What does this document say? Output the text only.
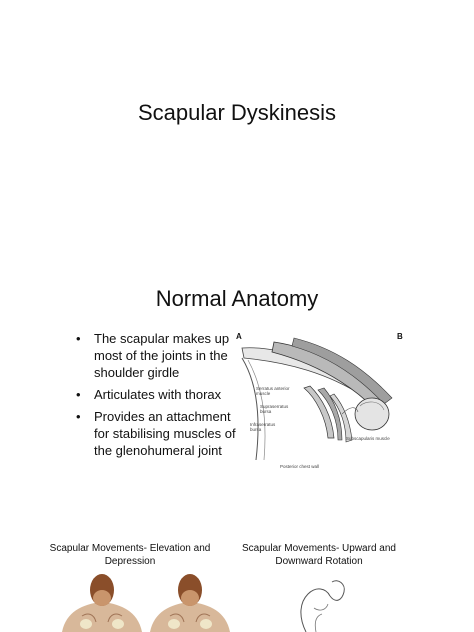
Scapular Dyskinesis
Normal Anatomy
• The scapular makes up most of the joints in the shoulder girdle
• Articulates with thorax
• Provides an attachment for stabilising muscles of the glenohumeral joint
A	B
Serratus anterior muscle
Supraserratus bursa
Infraserratus bursa
Subscapularis muscle
Posterior chest wall
Scapular Movements- Elevation and Depression
Scapular Movements- Upward and Downward Rotation
